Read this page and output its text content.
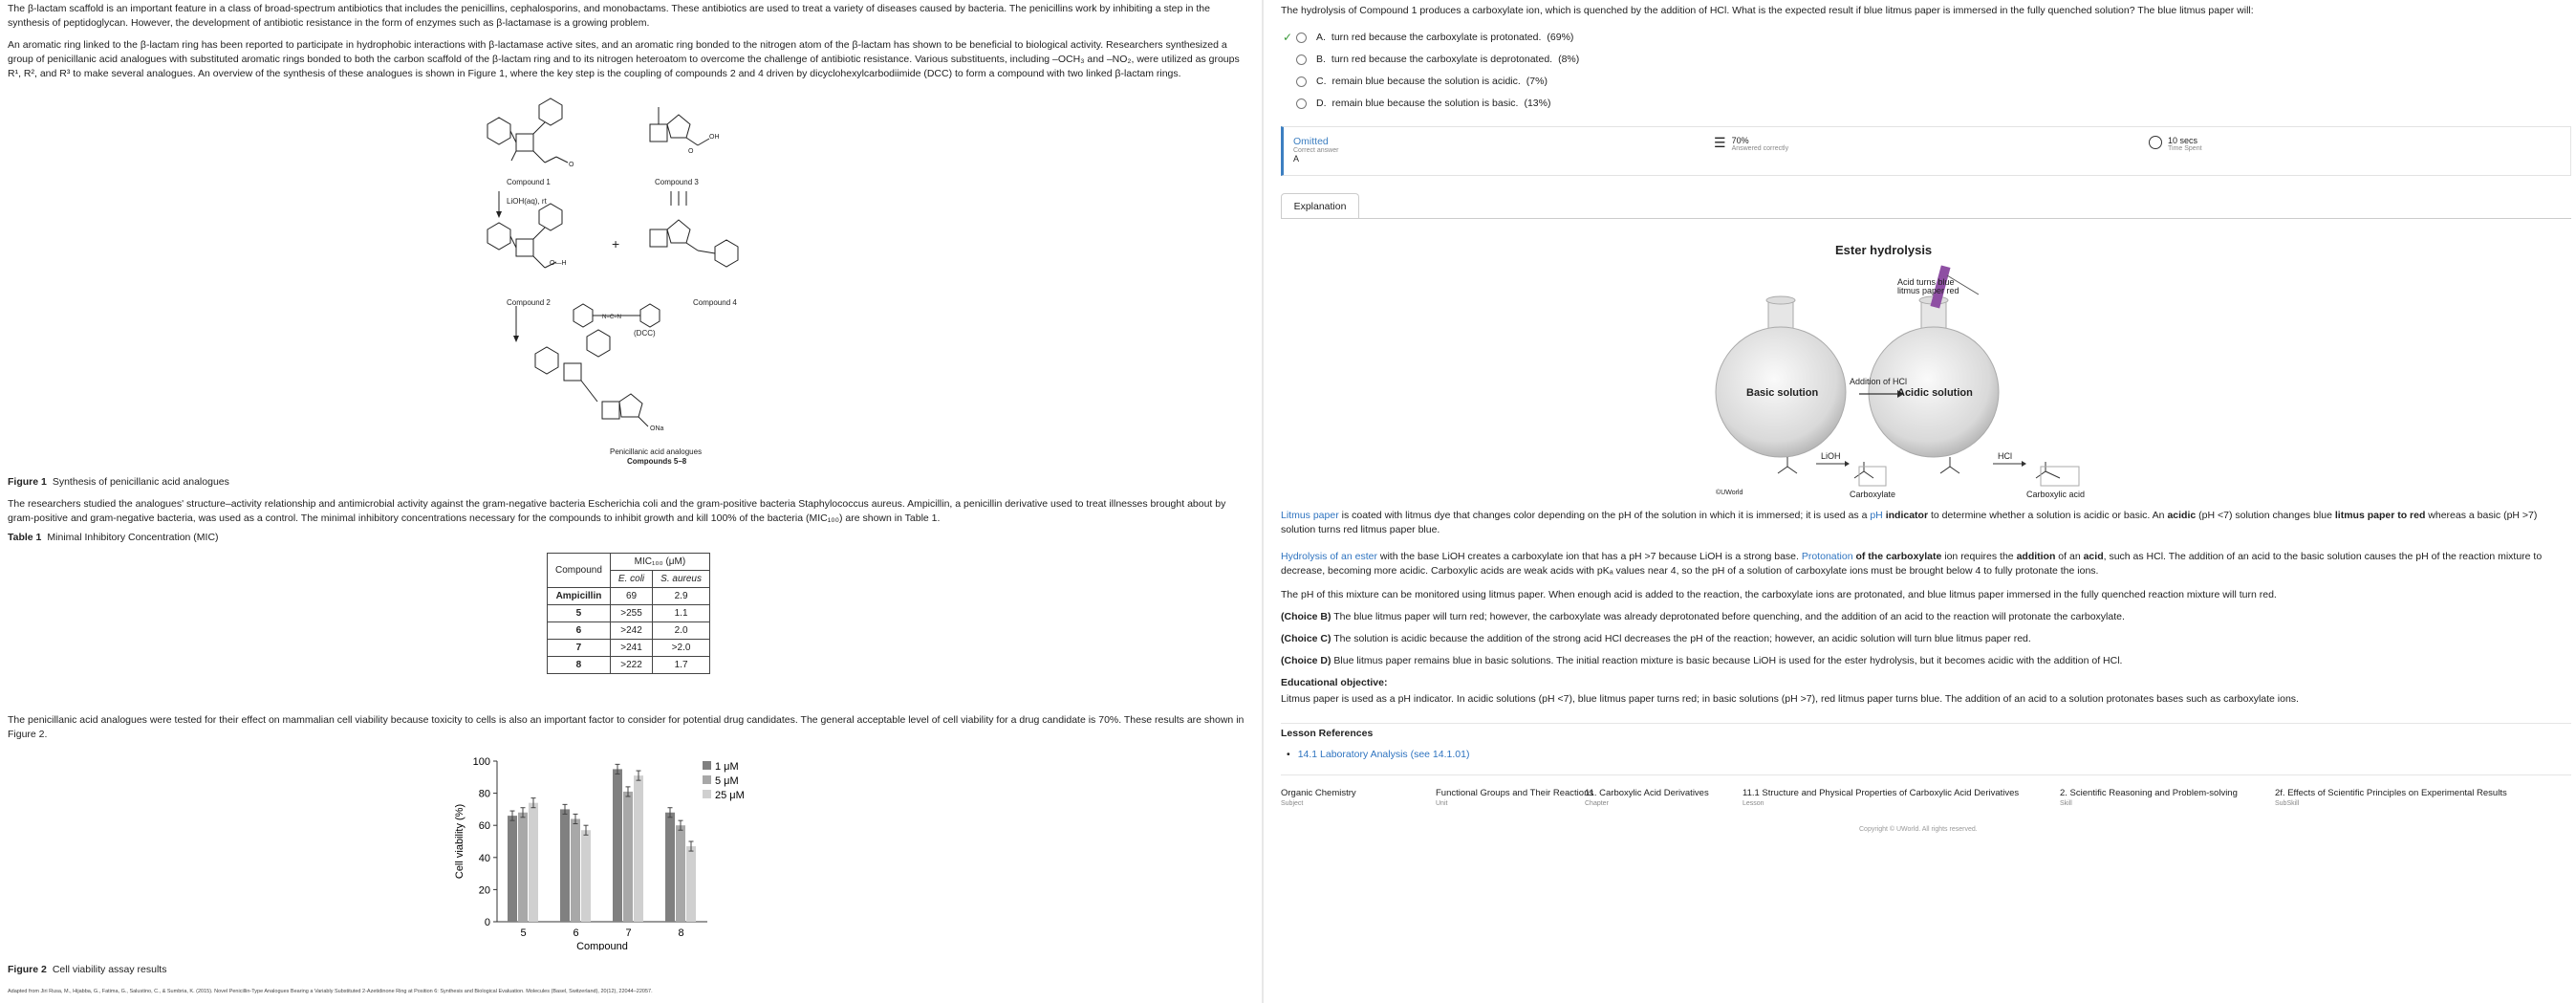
The β-lactam scaffold is an important feature in a class of broad-spectrum antibiotics that includes the penicillins, cephalosporins, and monobactams. These antibiotics are used to treat a variety of diseases caused by bacteria. The penicillins work by inhibiting a step in the synthesis of peptidoglycan. However, the development of antibiotic resistance in the form of enzymes such as β-lactamase is a growing problem.

An aromatic ring linked to the β-lactam ring has been reported to participate in hydrophobic interactions with β-lactamase active sites, and an aromatic ring bonded to the nitrogen atom of the β-lactam has shown to be beneficial to biological activity. Researchers synthesized a group of penicillanic acid analogues with substituted aromatic rings bonded to both the carbon scaffold of the β-lactam ring and to its nitrogen heteroatom to overcome the challenge of antibiotic resistance. Various substituents, including –OCH₃ and –NO₂, were utilized as groups R¹, R², and R³ to make several analogues. An overview of the synthesis of these analogues is shown in Figure 1, where the key step is the coupling of compounds 2 and 4 driven by dicyclohexylcarbodiimide (DCC) to form a compound with two linked β-lactam rings.

O
O
OH
O—H
ONa
+
N=C=N
Compound 1	Compound 3
LiOH(aq), rt
Compound 2	Compound 4
(DCC)
Penicillanic acid analogues
Compounds 5–8
Figure 1 Synthesis of penicillanic acid analogues

The researchers studied the analogues' structure–activity relationship and antimicrobial activity against the gram-negative bacteria Escherichia coli and the gram-positive bacteria Staphylococcus aureus. Ampicillin, a penicillin derivative used to treat illnesses brought about by gram-positive and gram-negative bacteria, was used as a control. The minimal inhibitory concentrations necessary for the compounds to inhibit growth and kill 100% of the bacteria (MIC₁₀₀) are shown in Table 1.

Table 1 Minimal Inhibitory Concentration (MIC)
Compound	MIC₁₀₀ (μM)	
	E. coli	S. aureus
Ampicillin	69	2.9
5	>255	1.1
6	>242	2.0
7	>241	>2.0
8	>222	1.7

The penicillanic acid analogues were tested for their effect on mammalian cell viability because toxicity to cells is also an important factor to consider for potential drug candidates. The general acceptable level of cell viability for a drug candidate is 70%. These results are shown in Figure 2.

0
20
40
60
80
100
5	6	7	8
Compound
Cell viability (%)
1 μM
5 μM
25 μM
Figure 2 Cell viability assay results
Adapted from Jiri Rusa, M., Hijabba, G., Fatima, G., Salustino, C., & Sumbria, K. (2015). Novel Penicillin-Type Analogues Bearing a Variably Substituted 2-Azetidinone Ring at Position 6: Synthesis and Biological Evaluation. Molecules (Basel, Switzerland), 20(12), 22044–22057.
The hydrolysis of Compound 1 produces a carboxylate ion, which is quenched by the addition of HCl. What is the expected result if blue litmus paper is immersed in the fully quenched solution? The blue litmus paper will:
✓ A. turn red because the carboxylate is protonated. (69%)
B. turn red because the carboxylate is deprotonated. (8%)
C. remain blue because the solution is acidic. (7%)
D. remain blue because the solution is basic. (13%)
Omitted
Correct answer
A
☰ 70%
Answered correctly
10 secs
Time Spent
Explanation
Ester hydrolysis
Basic solution	Acidic solution
Addition of HCl
Acid turns blue
litmus paper red
LiOH	HCl
Carboxylate	Carboxylic acid
©UWorld
Litmus paper is coated with litmus dye that changes color depending on the pH of the solution in which it is immersed; it is used as a pH indicator to determine whether a solution is acidic or basic. An acidic (pH <7) solution changes blue litmus paper to red whereas a basic (pH >7) solution turns red litmus paper blue.
Hydrolysis of an ester with the base LiOH creates a carboxylate ion that has a pH >7 because LiOH is a strong base. Protonation of the carboxylate ion requires the addition of an acid, such as HCl. The addition of an acid to the basic solution causes the pH of the reaction mixture to decrease, becoming more acidic. Carboxylic acids are weak acids with pKₐ values near 4, so the pH of a solution of carboxylate ions must be brought below 4 to fully protonate the ions.
The pH of this mixture can be monitored using litmus paper. When enough acid is added to the reaction, the carboxylate ions are protonated, and blue litmus paper immersed in the fully quenched reaction mixture will turn red.
(Choice B) The blue litmus paper will turn red; however, the carboxylate was already deprotonated before quenching, and the addition of an acid to the reaction will protonate the carboxylate.
(Choice C) The solution is acidic because the addition of the strong acid HCl decreases the pH of the reaction; however, an acidic solution will turn blue litmus paper red.
(Choice D) Blue litmus paper remains blue in basic solutions. The initial reaction mixture is basic because LiOH is used for the ester hydrolysis, but it becomes acidic with the addition of HCl.
Educational objective:
Litmus paper is used as a pH indicator. In acidic solutions (pH <7), blue litmus paper turns red; in basic solutions (pH >7), red litmus paper turns blue. The addition of an acid to a solution protonates bases such as carboxylate ions.
Lesson References
• 14.1 Laboratory Analysis (see 14.1.01)
Organic Chemistry
Subject
Functional Groups and Their Reactions
Unit
11. Carboxylic Acid Derivatives
Chapter
11.1 Structure and Physical Properties of Carboxylic Acid Derivatives
Lesson
2. Scientific Reasoning and Problem-solving
Skill
2f. Effects of Scientific Principles on Experimental Results
SubSkill
Copyright © UWorld. All rights reserved.
